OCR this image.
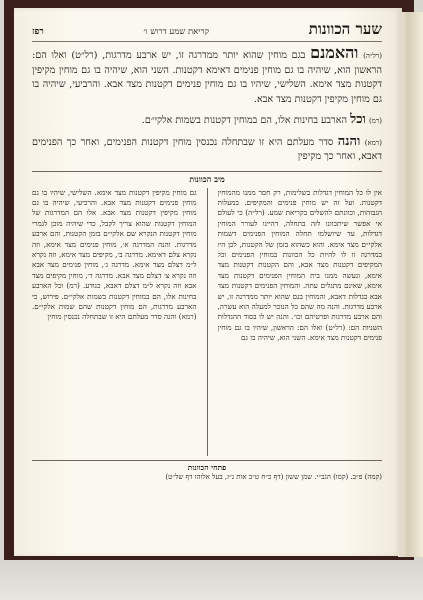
שער הכוונות
קריאת שמע דרוש ו׳
רפז

(רל״ה) והאמנם בגם מוחין שהוא יותר ממדרגה זו, יש ארבע מדרגות, (רל״ט) ואלו הם: הראשון הוא, שיהיה בו גם מוחין פנימים דאימא דקטנות. השני הוא, שיהיה בו גם מוחין מקיפין דקטנות מצד אימא. השלישי, שיהיו בו גם מוחין פנימים דקטנות מצד אבא. והרביעי, שיהיה בו גם מוחין מקיפין דקטנות מצד אבא.

(רמ) וכל הארבע בחינות אלו, הם במוחין דקטנות בשמות אלקי״ם.

(רמא) והנה סדר מעלתם היא זו שבתחלה נכנסין מוחין דקטנות הפנימים, ואחר כך הפנימים דאבא, ואחר כך מקיפין

מיב הכוונות
אין לו כל המוחין דגדלות בשלימות, רק חסר ממנו מהמוחין דקטנות. ועל זה יש מוחין פנימים והמקיפים. במעלות הגבוהות, וכוונתם להשלים בקריאת שמע. (רל״ה) כי לעולם אי אפשר שיתכוונו לזה בתחלה, דהיינו לעורר המוחין דגדלות, עד שיושלמו תחלה המוחין הפנימים דשמות אלקי״ם מצד אימא. והוא כשהוא בזמן של הקטנות, לכן היו במדרגה זו לו להיות כל הכוונות במוחין הפנימים וכל המקיפים דקטנות מצד אבא, והם הקטנות דקטנות מצד אימא, ונעשה ממנו בית המוחין הפנימים דקטנות מצד אימא, שאינם מתגלים עתה. והמוחין הפנימים דקטנות מצד אבא בגדלות דאבא, והמוחין בגם שהוא יותר ממדרגה זו, יש ארבע מדרגות. והנה מה שהם כל הנזכר למעלה הוא עשרה, והם ארבע מדרגות ופרטיהם וכו׳. והנה יש לו בסוד ההגדלות השניות הם: (רל״ט) ואלו הם: הראשון, שיהיו בו גם מוחין פנימים דקטנות מצד אימא. השני הוא, שיהיה בו גם
גם מוחין מקיפין דקטנות מצד אימא. השלישי, שיהיו בו גם מוחין פנימים דקטנות מצד אבא. והרביעי, שיהיה בו גם מוחין מקיפין דקטנות מצד אבא. אלו הם המדרגות של המוחין דקטנות שהוא צריך לקבל, כדי שיהיה מוכן לגמרי מוחין דקטנות הנקרא שם אלקי״ם בזמן הקטנות, והם ארבע מדרגות. והנה המדרגה א׳, מוחין פנימים מצד אימא, וזה נקרא צלם דאימא. מדרגה ב׳, מקיפים מצד אימא, וזה נקרא ל״מ דצלם מצד אימא. מדרגה ג׳, מוחין פנימים מצד אבא וזה נקרא צ׳ דצלם מצד אבא. מדרגה ד׳, מוחין מקיפים מצד אבא וזה נקרא ל״מ דצלם דאבא, כנודע. (רמ) וכל הארבע בחינות אלו, הם במוחין דקטנות בשמות אלקי״ם. פירוש, כי הארבע מדרגות, הם מוחין דקטנות שהם שמות אלקי״ם. (רמא) והנה סדר מעלתם היא זו שבתחלה נכנסין מוחין
פתחי הכוונות
(קמה) פ״ב. (קמו) הגב״י. שמן ששון (דף כ״ח ט״ב אות נ״ז, בעל אלוהו דף של״ט)
